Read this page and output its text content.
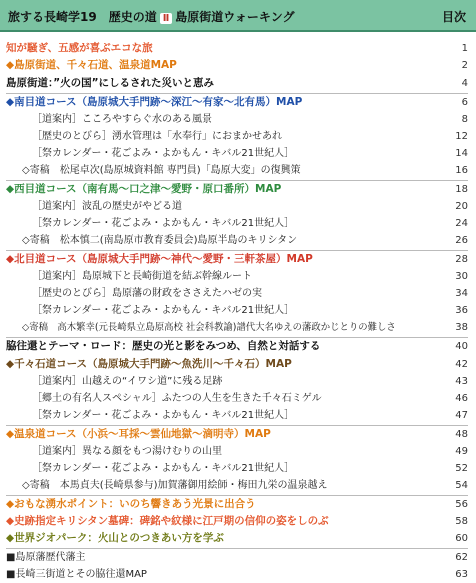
旅する長崎学19　歴史の道 Ⅱ 島原街道ウォーキング	目次
知が騒ぎ、五感が喜ぶエコな旅	1
◆島原街道、千々石道、温泉道MAP	2
島原街道：”火の国”にしるされた災いと恵み	4
◆南目道コース（島原城大手門跡〜深江〜有家〜北有馬）MAP	6
［道案内］こころやすらぐ水のある風景	8
［歴史のとびら］湧水管理は「水奉行」におまかせあれ	12
［祭カレンダー・花ごよみ・よかもん・キバル21世紀人］	14
◇寄稿　松尾卓次(島原城資料館 専門員)「島原大変」の復興策	16
◆西目道コース（南有馬〜口之津〜愛野・原口番所）MAP	18
［道案内］波乱の歴史がやどる道	20
［祭カレンダー・花ごよみ・よかもん・キバル21世紀人］	24
◇寄稿　松本慎二(南島原市教育委員会)島原半島のキリシタン	26
◆北目道コース（島原城大手門跡〜神代〜愛野・三軒茶屋）MAP	28
［道案内］島原城下と長崎街道を結ぶ幹線ルート	30
［歴史のとびら］島原藩の財政をささえたハゼの実	34
［祭カレンダー・花ごよみ・よかもん・キバル21世紀人］	36
◇寄稿　高木繁幸(元長崎県立島原高校 社会科教諭)譜代大名ゆえの藩政かじとりの難しさ	38
脇往還とテーマ・ロード：歴史の光と影をみつめ、自然と対話する	40
◆千々石道コース（島原城大手門跡〜魚洗川〜千々石）MAP	42
［道案内］山越えの“イワシ道”に残る足跡	43
［郷土の有名人スペシャル］ふたつの人生を生きた千々石ミゲル	46
［祭カレンダー・花ごよみ・よかもん・キバル21世紀人］	47
◆温泉道コース（小浜〜耳採〜雲仙地獄〜滴明寺）MAP	48
［道案内］異なる顔をもつ湯けむりの山里	49
［祭カレンダー・花ごよみ・よかもん・キバル21世紀人］	52
◇寄稿　本馬貞夫(長崎県参与)加賀藩御用絵師・梅田九栄の温泉越え	54
◆おもな湧水ポイント：いのち響きあう光景に出合う	56
◆史跡指定キリシタン墓碑：碑銘や紋様に江戸期の信仰の姿をしのぶ	58
◆世界ジオパーク：火山とのつきあい方を学ぶ	60
■島原藩歴代藩主	62
■長崎三街道とその脇往還MAP	63
